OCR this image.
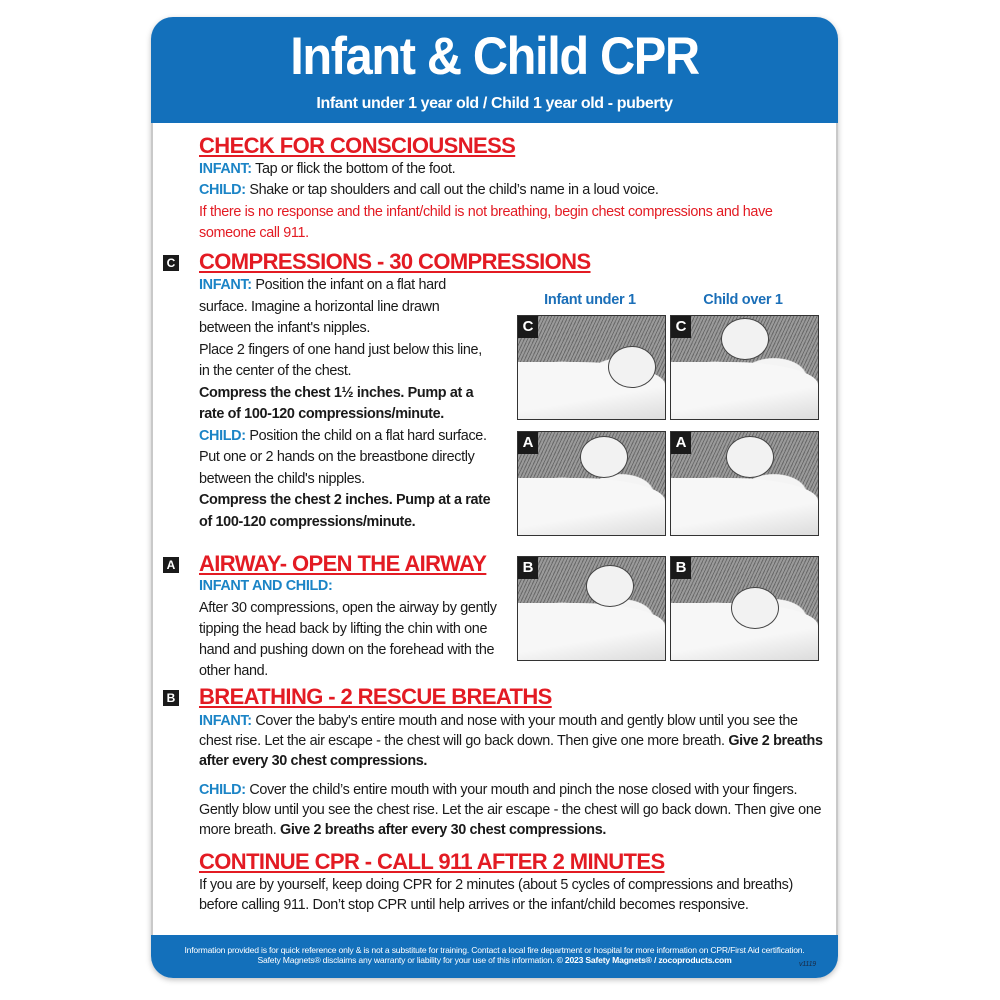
Infant & Child CPR
Infant under 1 year old / Child 1 year old - puberty
CHECK FOR CONSCIOUSNESS
INFANT: Tap or flick the bottom of the foot.
CHILD: Shake or tap shoulders and call out the child’s name in a loud voice.
If there is no response and the infant/child is not breathing, begin chest compressions and have someone call 911.
C COMPRESSIONS - 30 COMPRESSIONS
INFANT: Position the infant on a flat hard surface. Imagine a horizontal line drawn between the infant's nipples.
Place 2 fingers of one hand just below this line, in the center of the chest.
Compress the chest 1½ inches. Pump at a rate of 100-120 compressions/minute.
CHILD: Position the child on a flat hard surface. Put one or 2 hands on the breastbone directly between the child's nipples.
Compress the chest 2 inches. Pump at a rate of 100-120 compressions/minute.
A AIRWAY- OPEN THE AIRWAY
INFANT AND CHILD:
After 30 compressions, open the airway by gently tipping the head back by lifting the chin with one hand and pushing down on the forehead with the other hand.
B BREATHING - 2 RESCUE BREATHS
INFANT: Cover the baby's entire mouth and nose with your mouth and gently blow until you see the chest rise. Let the air escape - the chest will go back down. Then give one more breath. Give 2 breaths after every 30 chest compressions.
CHILD: Cover the child’s entire mouth with your mouth and pinch the nose closed with your fingers. Gently blow until you see the chest rise. Let the air escape - the chest will go back down. Then give one more breath. Give 2 breaths after every 30 chest compressions.
CONTINUE CPR - CALL 911 AFTER 2 MINUTES
If you are by yourself, keep doing CPR for 2 minutes (about 5 cycles of compressions and breaths) before calling 911. Don’t stop CPR until help arrives or the infant/child becomes responsive.
Infant under 1	Child over 1
C	C
A	A
B	B
Information provided is for quick reference only & is not a substitute for training. Contact a local fire department or hospital for more information on CPR/First Aid certification.
Safety Magnets® disclaims any warranty or liability for your use of this information. © 2023 Safety Magnets® / zocoproducts.com	v1119
